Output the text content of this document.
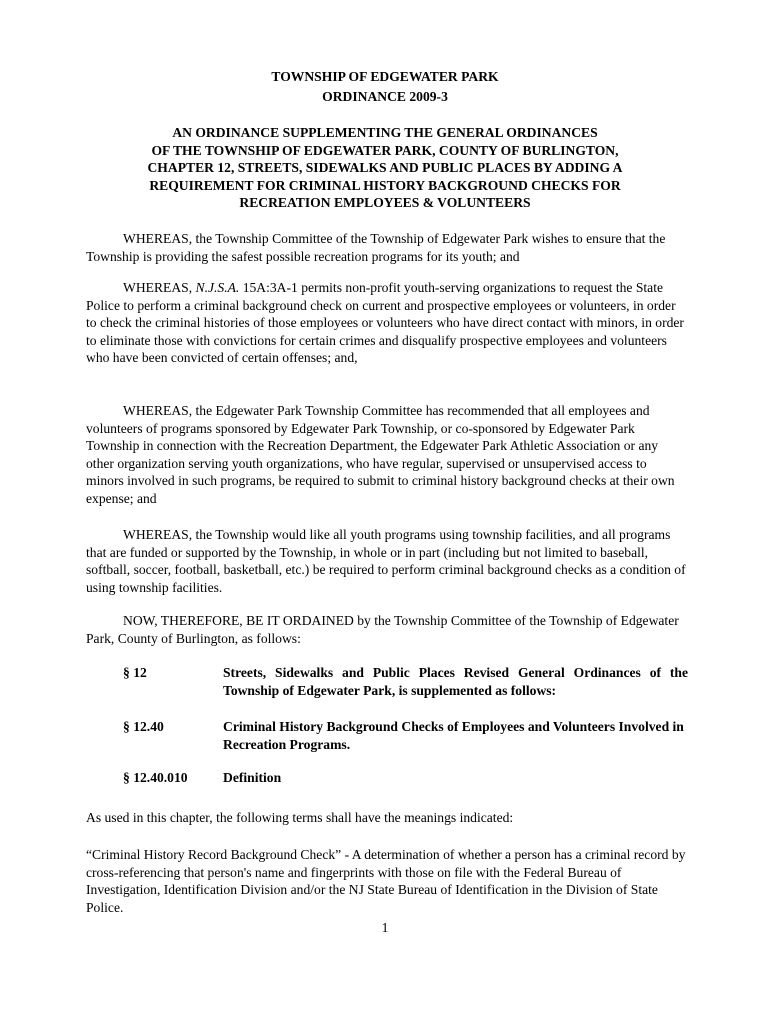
TOWNSHIP OF EDGEWATER PARK
ORDINANCE 2009-3
AN ORDINANCE SUPPLEMENTING THE GENERAL ORDINANCES
OF THE TOWNSHIP OF EDGEWATER PARK, COUNTY OF BURLINGTON,
CHAPTER 12, STREETS, SIDEWALKS AND PUBLIC PLACES BY ADDING A
REQUIREMENT FOR CRIMINAL HISTORY BACKGROUND CHECKS FOR
RECREATION EMPLOYEES & VOLUNTEERS
WHEREAS, the Township Committee of the Township of Edgewater Park wishes to ensure that the Township is providing the safest possible recreation programs for its youth; and
WHEREAS, N.J.S.A. 15A:3A-1 permits non-profit youth-serving organizations to request the State Police to perform a criminal background check on current and prospective employees or volunteers, in order to check the criminal histories of those employees or volunteers who have direct contact with minors, in order to eliminate those with convictions for certain crimes and disqualify prospective employees and volunteers who have been convicted of certain offenses; and,
WHEREAS, the Edgewater Park Township Committee has recommended that all employees and volunteers of programs sponsored by Edgewater Park Township, or co-sponsored by Edgewater Park Township in connection with the Recreation Department, the Edgewater Park Athletic Association or any other organization serving youth organizations, who have regular, supervised or unsupervised access to minors involved in such programs, be required to submit to criminal history background checks at their own expense; and
WHEREAS, the Township would like all youth programs using township facilities, and all programs that are funded or supported by the Township, in whole or in part (including but not limited to baseball, softball, soccer, football, basketball, etc.) be required to perform criminal background checks as a condition of using township facilities.
NOW, THEREFORE, BE IT ORDAINED by the Township Committee of the Township of Edgewater Park, County of Burlington, as follows:
§ 12	Streets, Sidewalks and Public Places Revised General Ordinances of the Township of Edgewater Park, is supplemented as follows:
§ 12.40	Criminal History Background Checks of Employees and Volunteers Involved in Recreation Programs.
§ 12.40.010	Definition
As used in this chapter, the following terms shall have the meanings indicated:
“Criminal History Record Background Check” - A determination of whether a person has a criminal record by cross-referencing that person's name and fingerprints with those on file with the Federal Bureau of Investigation, Identification Division and/or the NJ State Bureau of Identification in the Division of State Police.
1
